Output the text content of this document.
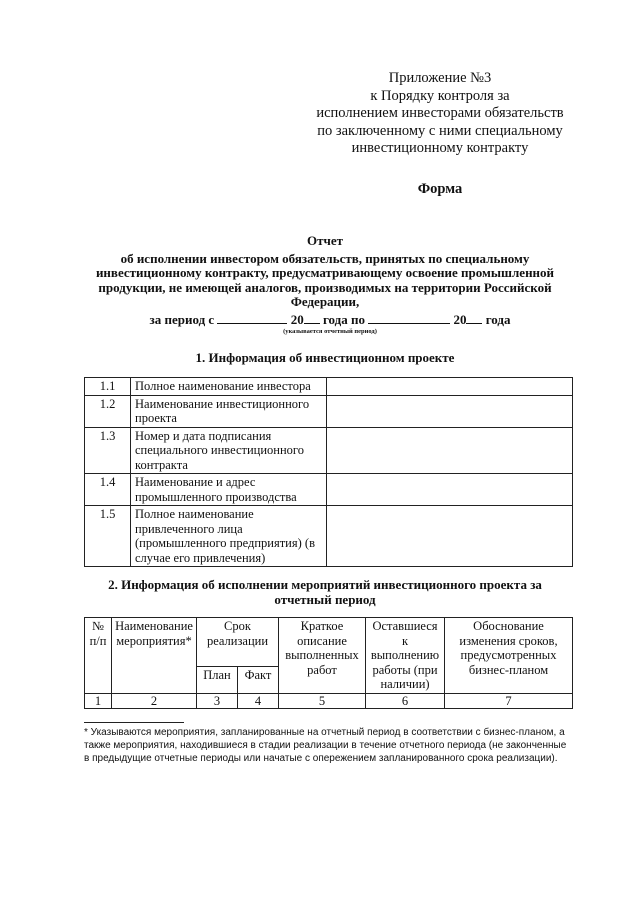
Приложение №3
к Порядку контроля за
исполнением инвесторами обязательств
по заключенному с ними специальному
инвестиционному контракту
Форма
Отчет
об исполнении инвестором обязательств, принятых по специальному
инвестиционному контракту, предусматривающему освоение промышленной
продукции, не имеющей аналогов, производимых на территории Российской
Федерации,
за период с	20 года по	20 года
(указывается отчетный период)
1. Информация об инвестиционном проекте
1.1	Полное наименование инвестора	
1.2	Наименование инвестиционного проекта	
1.3	Номер и дата подписания специального инвестиционного контракта	
1.4	Наименование и адрес промышленного производства	
1.5	Полное наименование привлеченного лица (промышленного предприятия) (в случае его привлечения)	
2. Информация об исполнении мероприятий инвестиционного проекта за
отчетный период
№ п/п	Наименование мероприятия*	Срок реализации		Краткое описание выполненных работ	Оставшиеся к выполнению работы (при наличии)	Обоснование изменения сроков, предусмотренных бизнес-планом
		План	Факт			
1	2	3	4	5	6	7
* Указываются мероприятия, запланированные на отчетный период в соответствии с бизнес-планом, а также мероприятия, находившиеся в стадии реализации в течение отчетного периода (не законченные в предыдущие отчетные периоды или начатые с опережением запланированного срока реализации).
